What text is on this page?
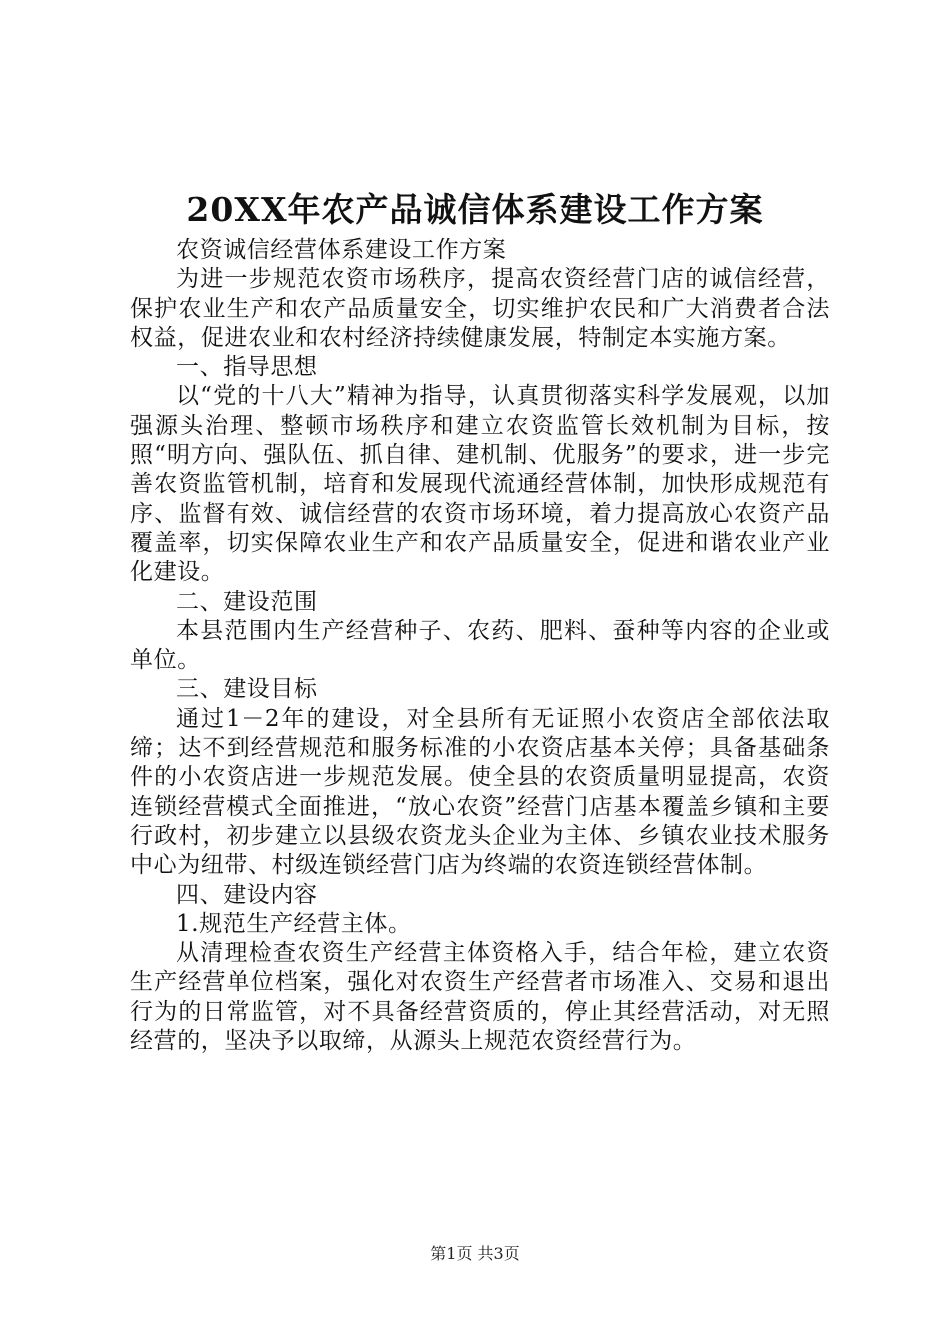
20XX年农产品诚信体系建设工作方案

农资诚信经营体系建设工作方案

为进一步规范农资市场秩序，提高农资经营门店的诚信经营，保护农业生产和农产品质量安全，切实维护农民和广大消费者合法权益，促进农业和农村经济持续健康发展，特制定本实施方案。

一、指导思想

以“党的十八大”精神为指导，认真贯彻落实科学发展观，以加强源头治理、整顿市场秩序和建立农资监管长效机制为目标，按照“明方向、强队伍、抓自律、建机制、优服务”的要求，进一步完善农资监管机制，培育和发展现代流通经营体制，加快形成规范有序、监督有效、诚信经营的农资市场环境，着力提高放心农资产品覆盖率，切实保障农业生产和农产品质量安全，促进和谐农业产业化建设。

二、建设范围

本县范围内生产经营种子、农药、肥料、蚕种等内容的企业或单位。

三、建设目标

通过1－2年的建设，对全县所有无证照小农资店全部依法取缔；达不到经营规范和服务标准的小农资店基本关停；具备基础条件的小农资店进一步规范发展。使全县的农资质量明显提高，农资连锁经营模式全面推进，“放心农资”经营门店基本覆盖乡镇和主要行政村，初步建立以县级农资龙头企业为主体、乡镇农业技术服务中心为纽带、村级连锁经营门店为终端的农资连锁经营体制。

四、建设内容

1.规范生产经营主体。

从清理检查农资生产经营主体资格入手，结合年检，建立农资生产经营单位档案，强化对农资生产经营者市场准入、交易和退出行为的日常监管，对不具备经营资质的，停止其经营活动，对无照经营的，坚决予以取缔，从源头上规范农资经营行为。

第1页 共3页
